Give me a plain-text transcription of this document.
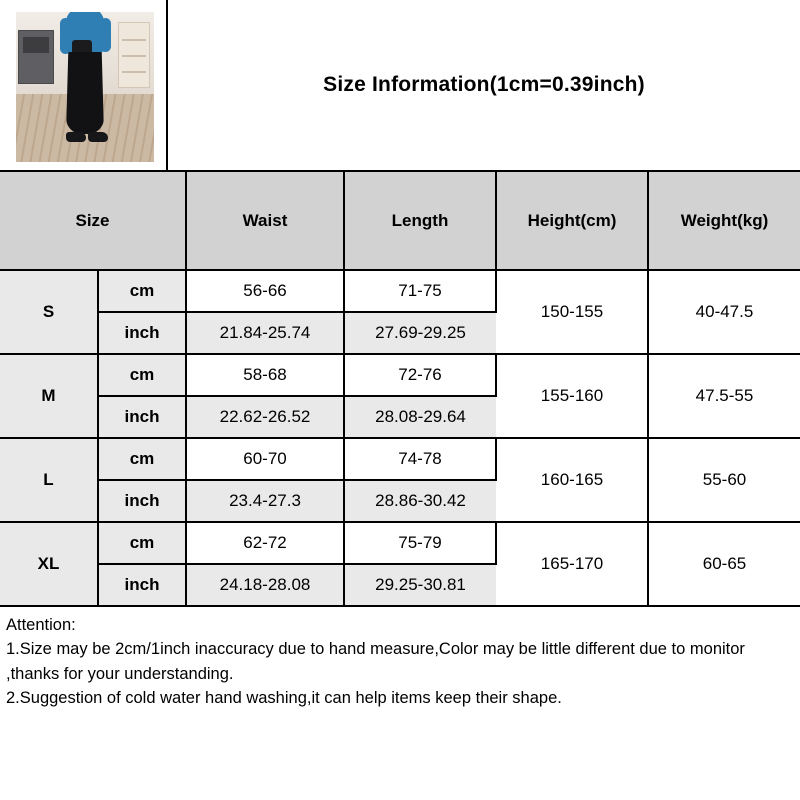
Size Information(1cm=0.39inch)
Size		Waist	Length	Height(cm)	Weight(kg)
S	cm	56-66	71-75	150-155	40-47.5
	inch	21.84-25.74	27.69-29.25		
M	cm	58-68	72-76	155-160	47.5-55
	inch	22.62-26.52	28.08-29.64		
L	cm	60-70	74-78	160-165	55-60
	inch	23.4-27.3	28.86-30.42		
XL	cm	62-72	75-79	165-170	60-65
	inch	24.18-28.08	29.25-30.81		
Attention:
1.Size may be 2cm/1inch inaccuracy due to hand measure,Color may be little different due to monitor ,thanks for your understanding.
2.Suggestion of cold water hand washing,it can help items keep their shape.
